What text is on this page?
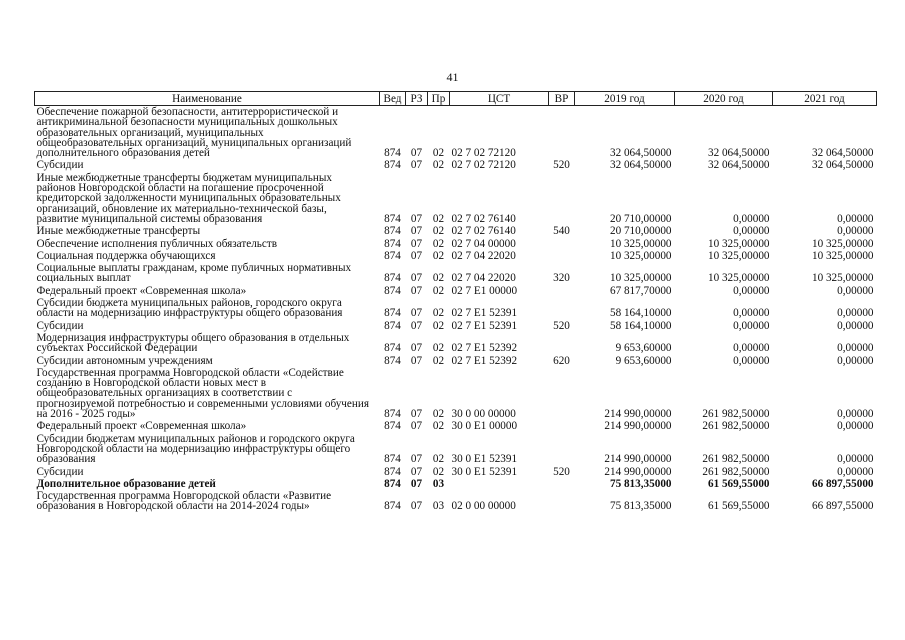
41
Наименование	Вед	РЗ	Пр	ЦСТ	ВР	2019 год	2020 год	2021 год
Обеспечение пожарной безопасности, антитеррористической и антикриминальной безопасности муниципальных дошкольных образовательных организаций, муниципальных общеобразовательных организаций, муниципальных организаций дополнительного образования детей	874	07	02	02 7 02 72120		32 064,50000	32 064,50000	32 064,50000
Субсидии	874	07	02	02 7 02 72120	520	32 064,50000	32 064,50000	32 064,50000
Иные межбюджетные трансферты бюджетам муниципальных районов Новгородской области на погашение просроченной кредиторской задолженности муниципальных образовательных организаций, обновление их материально-технической базы, развитие муниципальной системы образования	874	07	02	02 7 02 76140		20 710,00000	0,00000	0,00000
Иные межбюджетные трансферты	874	07	02	02 7 02 76140	540	20 710,00000	0,00000	0,00000
Обеспечение исполнения публичных обязательств	874	07	02	02 7 04 00000		10 325,00000	10 325,00000	10 325,00000
Социальная поддержка обучающихся	874	07	02	02 7 04 22020		10 325,00000	10 325,00000	10 325,00000
Социальные выплаты гражданам, кроме публичных нормативных социальных выплат	874	07	02	02 7 04 22020	320	10 325,00000	10 325,00000	10 325,00000
Федеральный проект «Современная школа»	874	07	02	02 7 E1 00000		67 817,70000	0,00000	0,00000
Субсидии бюджета муниципальных районов, городского округа области на модернизацию инфраструктуры общего образования	874	07	02	02 7 E1 52391		58 164,10000	0,00000	0,00000
Субсидии	874	07	02	02 7 E1 52391	520	58 164,10000	0,00000	0,00000
Модернизация инфраструктуры общего образования в отдельных субъектах Российской Федерации	874	07	02	02 7 E1 52392		9 653,60000	0,00000	0,00000
Субсидии автономным учреждениям	874	07	02	02 7 E1 52392	620	9 653,60000	0,00000	0,00000
Государственная программа Новгородской области «Содействие созданию в Новгородской области новых мест в общеобразовательных организациях в соответствии с прогнозируемой потребностью и современными условиями обучения на 2016 - 2025 годы»	874	07	02	30 0 00 00000		214 990,00000	261 982,50000	0,00000
Федеральный проект «Современная школа»	874	07	02	30 0 E1 00000		214 990,00000	261 982,50000	0,00000
Субсидии бюджетам муниципальных районов и городского округа Новгородской области на модернизацию инфраструктуры общего образования	874	07	02	30 0 E1 52391		214 990,00000	261 982,50000	0,00000
Субсидии	874	07	02	30 0 E1 52391	520	214 990,00000	261 982,50000	0,00000
Дополнительное образование детей	874	07	03			75 813,35000	61 569,55000	66 897,55000
Государственная программа Новгородской области «Развитие образования в Новгородской области на 2014-2024 годы»	874	07	03	02 0 00 00000		75 813,35000	61 569,55000	66 897,55000
